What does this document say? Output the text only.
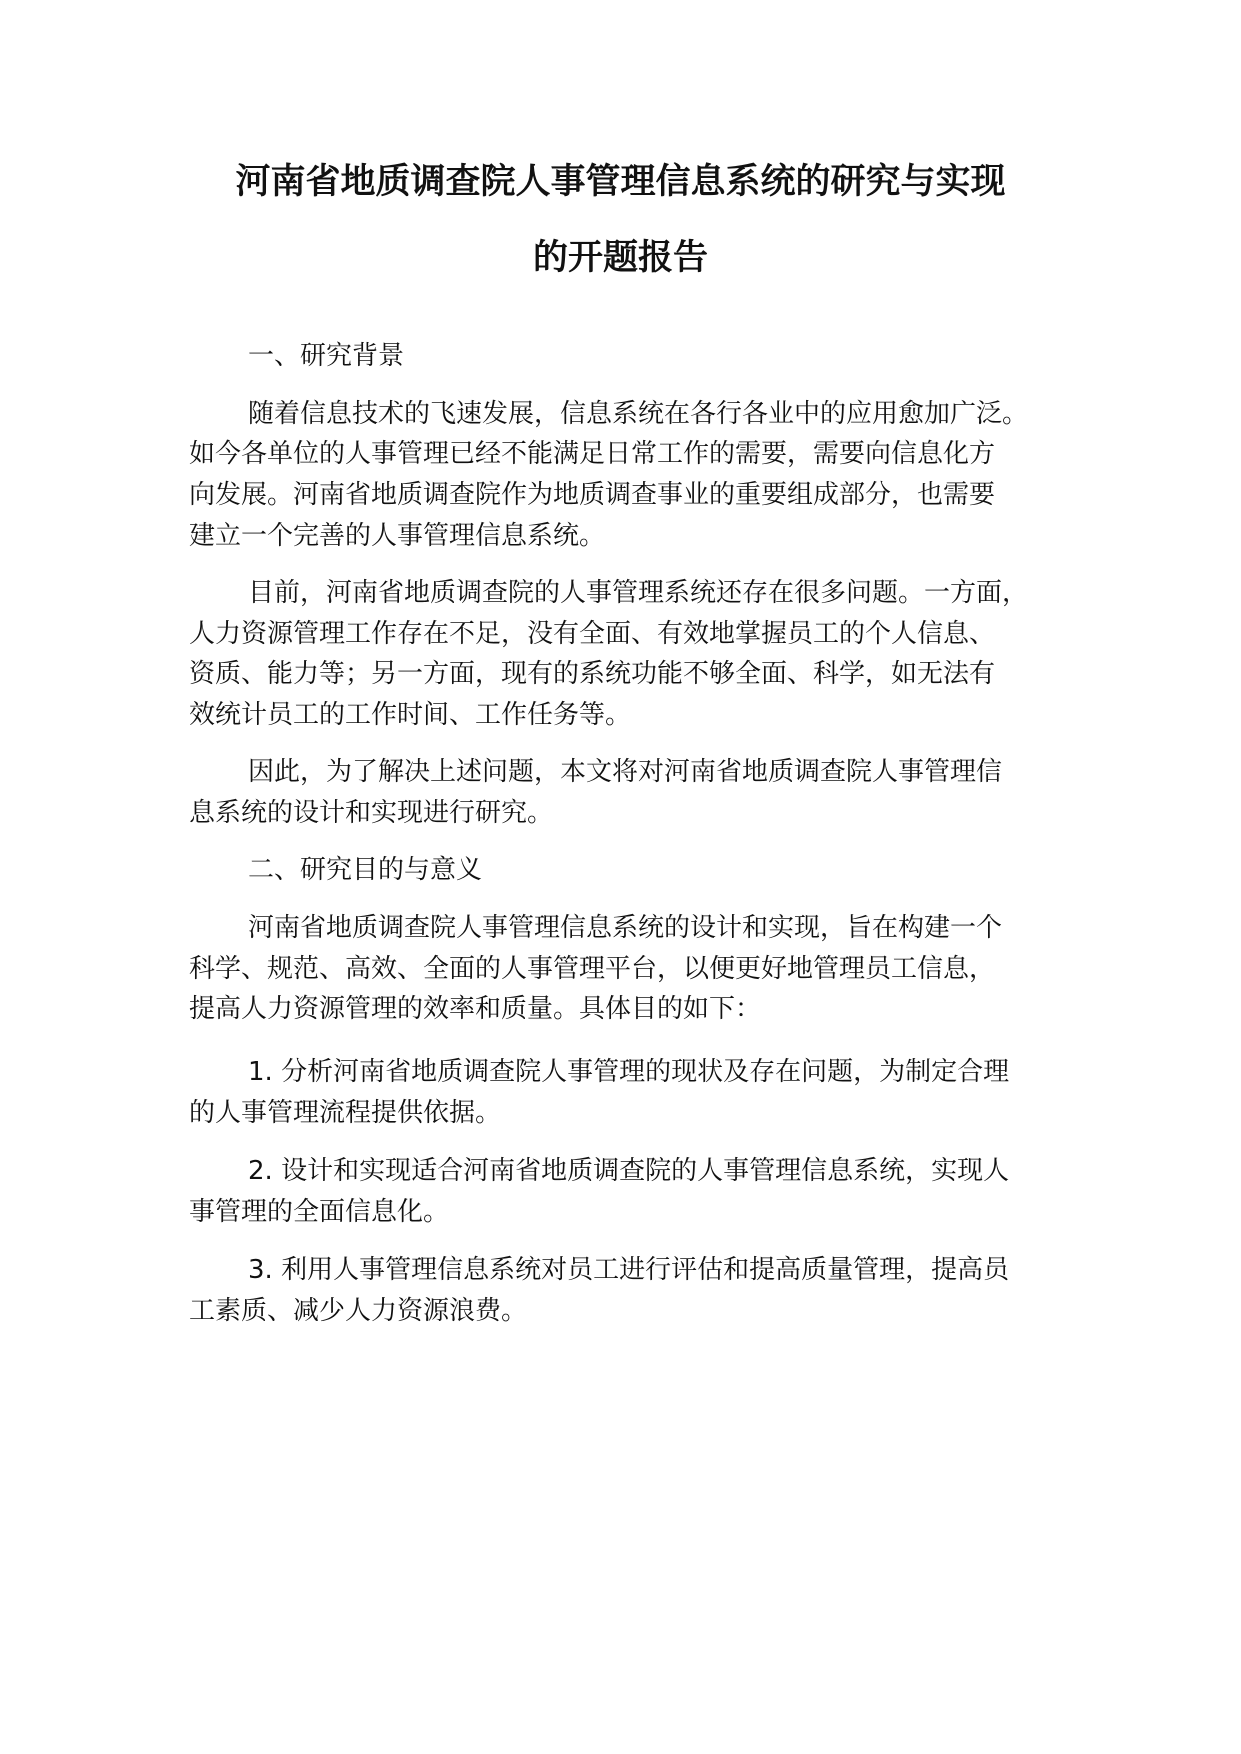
河南省地质调查院人事管理信息系统的研究与实现
的开题报告
一、研究背景
随着信息技术的飞速发展，信息系统在各行各业中的应用愈加广泛。
如今各单位的人事管理已经不能满足日常工作的需要，需要向信息化方
向发展。河南省地质调查院作为地质调查事业的重要组成部分，也需要
建立一个完善的人事管理信息系统。
目前，河南省地质调查院的人事管理系统还存在很多问题。一方面，
人力资源管理工作存在不足，没有全面、有效地掌握员工的个人信息、
资质、能力等；另一方面，现有的系统功能不够全面、科学，如无法有
效统计员工的工作时间、工作任务等。
因此，为了解决上述问题，本文将对河南省地质调查院人事管理信
息系统的设计和实现进行研究。
二、研究目的与意义
河南省地质调查院人事管理信息系统的设计和实现，旨在构建一个
科学、规范、高效、全面的人事管理平台，以便更好地管理员工信息，
提高人力资源管理的效率和质量。具体目的如下：
1. 分析河南省地质调查院人事管理的现状及存在问题，为制定合理
的人事管理流程提供依据。
2. 设计和实现适合河南省地质调查院的人事管理信息系统，实现人
事管理的全面信息化。
3. 利用人事管理信息系统对员工进行评估和提高质量管理，提高员
工素质、减少人力资源浪费。
